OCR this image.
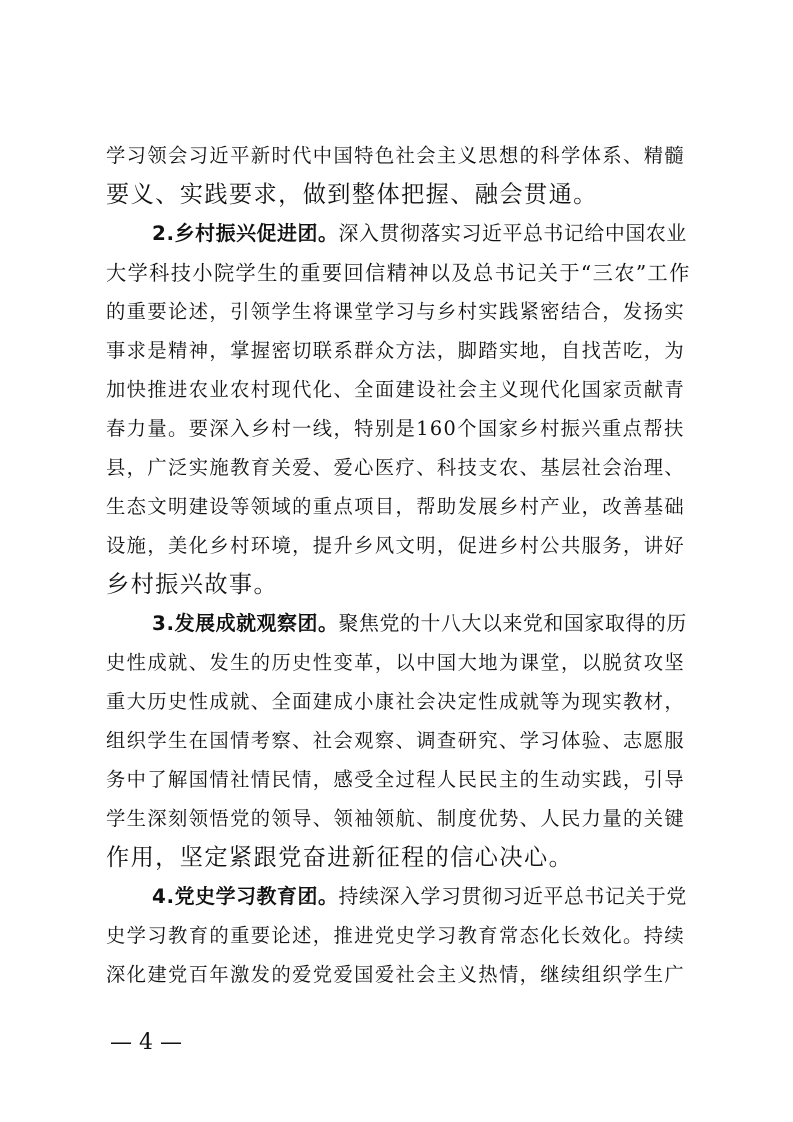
学习领会习近平新时代中国特色社会主义思想的科学体系、精髓
要义、实践要求，做到整体把握、融会贯通。
2.乡村振兴促进团。深入贯彻落实习近平总书记给中国农业
大学科技小院学生的重要回信精神以及总书记关于“三农”工作
的重要论述，引领学生将课堂学习与乡村实践紧密结合，发扬实
事求是精神，掌握密切联系群众方法，脚踏实地，自找苦吃，为
加快推进农业农村现代化、全面建设社会主义现代化国家贡献青
春力量。要深入乡村一线，特别是160个国家乡村振兴重点帮扶
县，广泛实施教育关爱、爱心医疗、科技支农、基层社会治理、
生态文明建设等领域的重点项目，帮助发展乡村产业，改善基础
设施，美化乡村环境，提升乡风文明，促进乡村公共服务，讲好
乡村振兴故事。
3.发展成就观察团。聚焦党的十八大以来党和国家取得的历
史性成就、发生的历史性变革，以中国大地为课堂，以脱贫攻坚
重大历史性成就、全面建成小康社会决定性成就等为现实教材，
组织学生在国情考察、社会观察、调查研究、学习体验、志愿服
务中了解国情社情民情，感受全过程人民民主的生动实践，引导
学生深刻领悟党的领导、领袖领航、制度优势、人民力量的关键
作用，坚定紧跟党奋进新征程的信心决心。
4.党史学习教育团。持续深入学习贯彻习近平总书记关于党
史学习教育的重要论述，推进党史学习教育常态化长效化。持续
深化建党百年激发的爱党爱国爱社会主义热情，继续组织学生广
— 4 —
